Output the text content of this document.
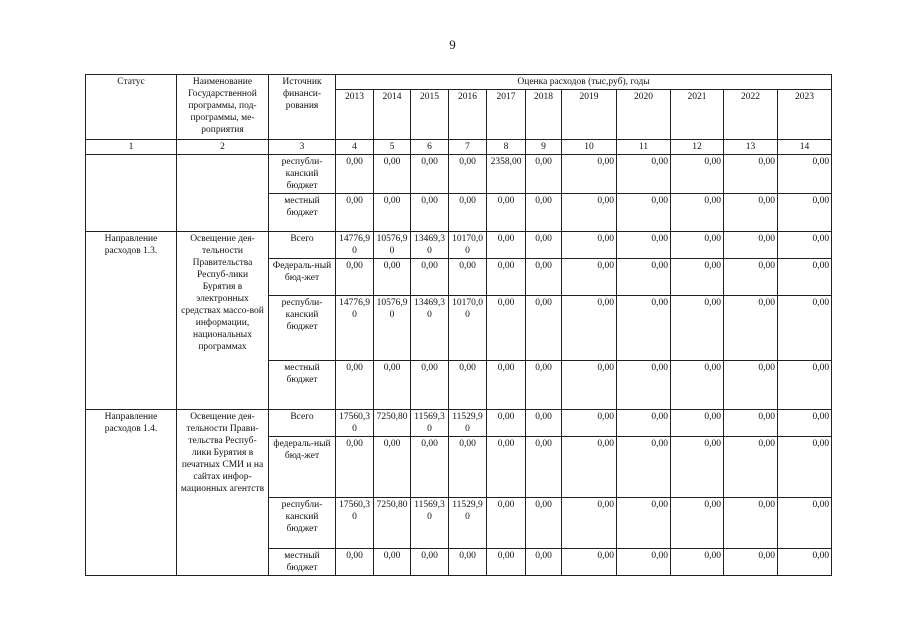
9
Статус	Наименование Государственной программы, под-программы, ме-роприятия	Источник финанси-рования	Оценка расходов (тыс,руб), годы										
			2013	2014	2015	2016	2017	2018	2019	2020	2021	2022	2023
1	2	3	4	5	6	7	8	9	10	11	12	13	14
		республи-канский бюджет	0,00	0,00	0,00	0,00	2358,00	0,00	0,00	0,00	0,00	0,00	0,00
		местный бюджет	0,00	0,00	0,00	0,00	0,00	0,00	0,00	0,00	0,00	0,00	0,00
Направление расходов 1.3.	Освещение дея-тельности Правительства Респуб-лики Бурятия в электронных средствах массо-вой информации, национальных программах	Всего	14776,90	10576,90	13469,30	10170,00	0,00	0,00	0,00	0,00	0,00	0,00	0,00
		Федераль-ный бюд-жет	0,00	0,00	0,00	0,00	0,00	0,00	0,00	0,00	0,00	0,00	0,00
		республи-канский бюджет	14776,90	10576,90	13469,30	10170,00	0,00	0,00	0,00	0,00	0,00	0,00	0,00
		местный бюджет	0,00	0,00	0,00	0,00	0,00	0,00	0,00	0,00	0,00	0,00	0,00
Направление расходов 1.4.	Освещение дея-тельности Прави-тельства Респуб-лики Бурятия в печатных СМИ и на сайтах инфор-мационных агентств	Всего	17560,30	7250,80	11569,30	11529,90	0,00	0,00	0,00	0,00	0,00	0,00	0,00
		федераль-ный бюд-жет	0,00	0,00	0,00	0,00	0,00	0,00	0,00	0,00	0,00	0,00	0,00
		республи-канский бюджет	17560,30	7250,80	11569,30	11529,90	0,00	0,00	0,00	0,00	0,00	0,00	0,00
		местный бюджет	0,00	0,00	0,00	0,00	0,00	0,00	0,00	0,00	0,00	0,00	0,00
